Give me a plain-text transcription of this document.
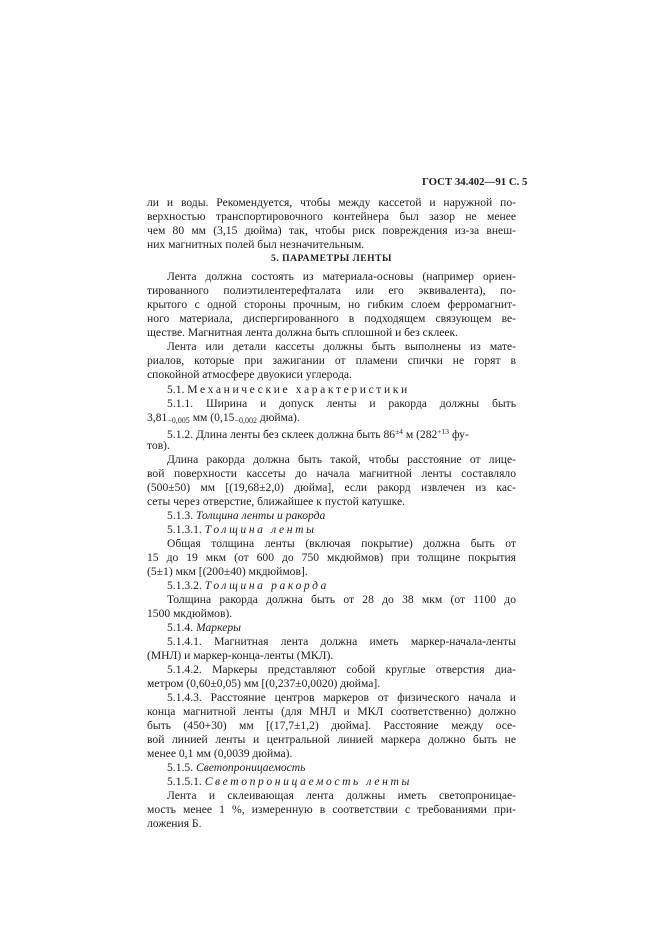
ГОСТ 34.402—91 С. 5
ли и воды. Рекомендуется, чтобы между кассетой и наружной по-
верхностью транспортировочного контейнера был зазор не менее
чем 80 мм (3,15 дюйма) так, чтобы риск повреждения из-за внеш-
них магнитных полей был незначительным.
5. ПАРАМЕТРЫ ЛЕНТЫ
Лента должна состоять из материала-основы (например ориен-
тированного полиэтилентерефталата или его эквивалента), по-
крытого с одной стороны прочным, но гибким слоем ферромагнит-
ного материала, диспергированного в подходящем связующем ве-
ществе. Магнитная лента должна быть сплошной и без склеек.
Лента или детали кассеты должны быть выполнены из мате-
риалов, которые при зажигании от пламени спички не горят в
спокойной атмосфере двуокиси углерода.
5.1. Механические характеристики
5.1.1. Ширина и допуск ленты и ракорда должны быть
$3,81_{-0,005}$ мм ($0,15_{-0,002}$ дюйма).
5.1.2. Длина ленты без склеек должна быть $86^{\pm 4}$ м ($282^{+13}$ фу-
тов).
Длина ракорда должна быть такой, чтобы расстояние от лице-
вой поверхности кассеты до начала магнитной ленты составляло
(500±50) мм [(19,68±2,0) дюйма], если ракорд извлечен из кас-
сеты через отверстие, ближайшее к пустой катушке.
5.1.3. Толщина ленты и ракорда
5.1.3.1. Толщина ленты
Общая толщина ленты (включая покрытие) должна быть от
15 до 19 мкм (от 600 до 750 мкдюймов) при толщине покрытия
(5±1) мкм [(200±40) мкдюймов].
5.1.3.2. Толщина ракорда
Толщина ракорда должна быть от 28 до 38 мкм (от 1100 до
1500 мкдюймов).
5.1.4. Маркеры
5.1.4.1. Магнитная лента должна иметь маркер-начала-ленты
(МНЛ) и маркер-конца-ленты (МКЛ).
5.1.4.2. Маркеры представляют собой круглые отверстия диа-
метром (0,60±0,05) мм [(0,237±0,0020) дюйма].
5.1.4.3. Расстояние центров маркеров от физического начала и
конца магнитной ленты (для МНЛ и МКЛ соответственно) должно
быть (450+30) мм [(17,7±1,2) дюйма]. Расстояние между осе-
вой линией ленты и центральной линией маркера должно быть не
менее 0,1 мм (0,0039 дюйма).
5.1.5. Светопроницаемость
5.1.5.1. Светопроницаемость ленты
Лента и склеивающая лента должны иметь светопроницае-
мость менее 1 %, измеренную в соответствии с требованиями при-
ложения Б.
